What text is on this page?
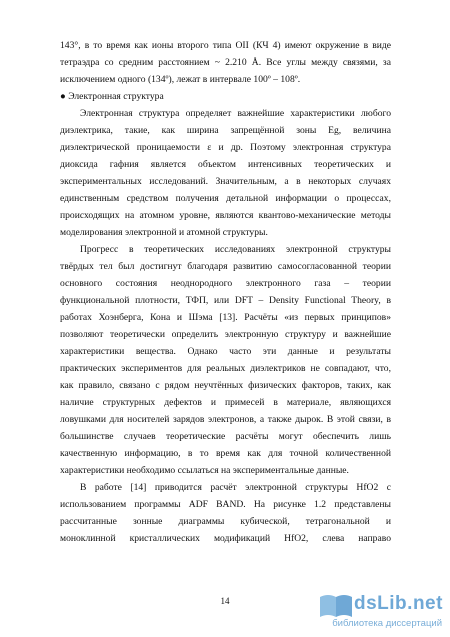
143°, в то время как ионы второго типа OII (КЧ 4) имеют окружение в виде
тетраэдра со средним расстоянием ~ 2.210 Å. Все углы между связями, за
исключением одного (134º), лежат в интервале 100º – 108º.
● Электронная структура
Электронная структура определяет важнейшие характеристики любого
диэлектрика, такие, как ширина запрещённой зоны Eg, величина
диэлектрической проницаемости ε и др. Поэтому электронная структура
диоксида гафния является объектом интенсивных теоретических и
экспериментальных исследований. Значительным, а в некоторых случаях
единственным средством получения детальной информации о процессах,
происходящих на атомном уровне, являются квантово-механические методы
моделирования электронной и атомной структуры.
Прогресс в теоретических исследованиях электронной структуры
твёрдых тел был достигнут благодаря развитию самосогласованной теории
основного состояния неоднородного электронного газа – теории
функциональной плотности, ТФП, или DFT – Density Functional Theory, в
работах Хоэнберга, Кона и Шэма [13]. Расчёты «из первых принципов»
позволяют теоретически определить электронную структуру и важнейшие
характеристики вещества. Однако часто эти данные и результаты
практических экспериментов для реальных диэлектриков не совпадают, что,
как правило, связано с рядом неучтённых физических факторов, таких, как
наличие структурных дефектов и примесей в материале, являющихся
ловушками для носителей зарядов электронов, а также дырок. В этой связи, в
большинстве случаев теоретические расчёты могут обеспечить лишь
качественную информацию, в то время как для точной количественной
характеристики необходимо ссылаться на экспериментальные данные.
В работе [14] приводится расчёт электронной структуры HfO2 с
использованием программы ADF BAND. На рисунке 1.2 представлены
рассчитанные зонные диаграммы кубической, тетрагональной и
моноклинной кристаллических модификаций HfO2, слева направо
14	dsLib.net
библиотека диссертаций
